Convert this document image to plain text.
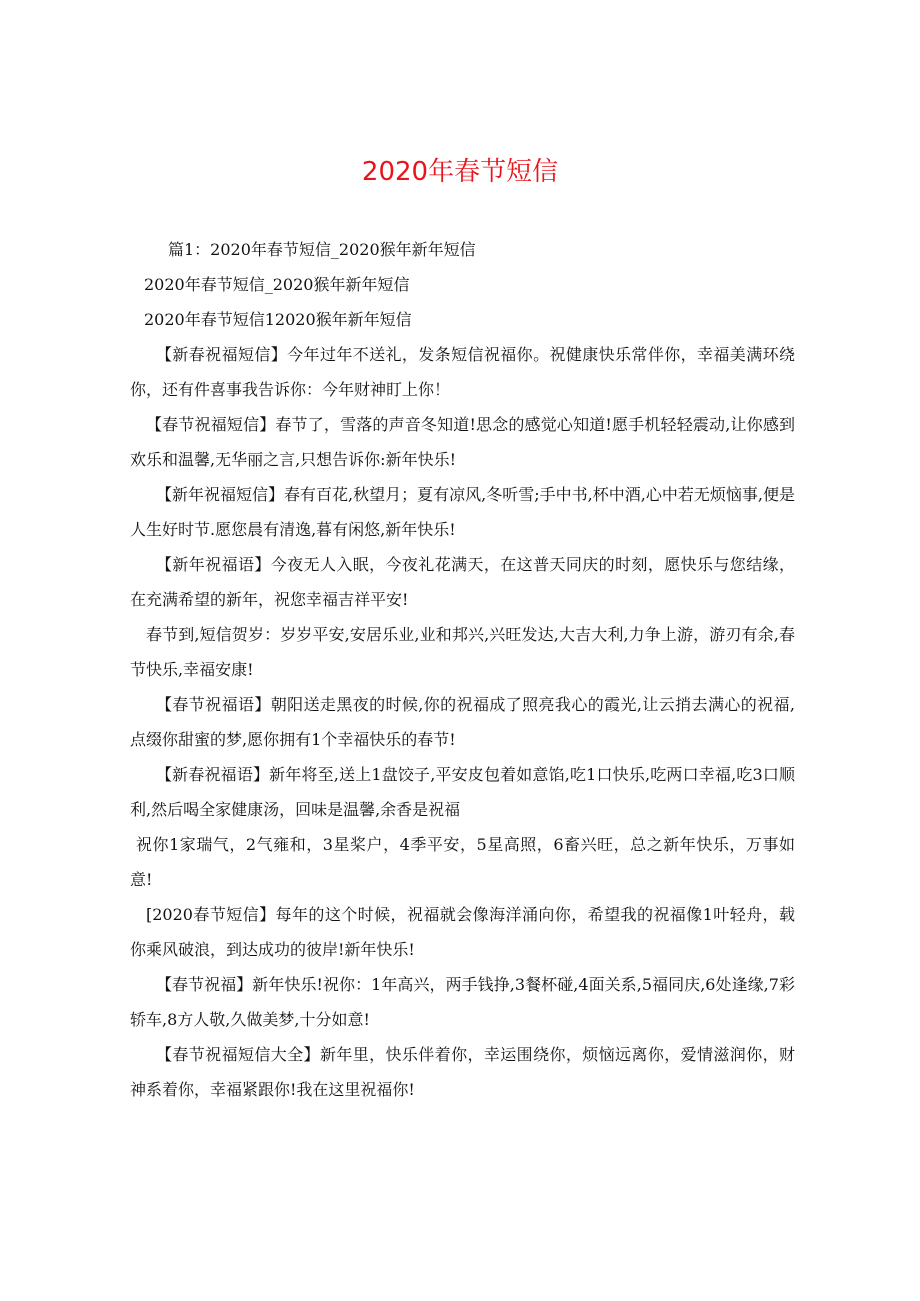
2020年春节短信
篇1：2020年春节短信_2020猴年新年短信
2020年春节短信_2020猴年新年短信
2020年春节短信12020猴年新年短信
【新春祝福短信】今年过年不送礼，发条短信祝福你。祝健康快乐常伴你，幸福美满环绕你，还有件喜事我告诉你：今年财神盯上你！
【春节祝福短信】春节了，雪落的声音冬知道!思念的感觉心知道!愿手机轻轻震动,让你感到欢乐和温馨,无华丽之言,只想告诉你:新年快乐!
【新年祝福短信】春有百花,秋望月；夏有凉风,冬听雪;手中书,杯中酒,心中若无烦恼事,便是人生好时节.愿您晨有清逸,暮有闲悠,新年快乐!
【新年祝福语】今夜无人入眠，今夜礼花满天，在这普天同庆的时刻，愿快乐与您结缘，在充满希望的新年，祝您幸福吉祥平安!
春节到,短信贺岁：岁岁平安,安居乐业,业和邦兴,兴旺发达,大吉大利,力争上游，游刃有余,春节快乐,幸福安康!
【春节祝福语】朝阳送走黑夜的时候,你的祝福成了照亮我心的霞光,让云捎去满心的祝福,点缀你甜蜜的梦,愿你拥有1个幸福快乐的春节!
【新春祝福语】新年将至,送上1盘饺子,平安皮包着如意馅,吃1口快乐,吃两口幸福,吃3口顺利,然后喝全家健康汤，回味是温馨,余香是祝福
祝你1家瑞气，2气雍和，3星桨户，4季平安，5星高照，6畜兴旺，总之新年快乐，万事如意!
[2020春节短信】每年的这个时候，祝福就会像海洋涌向你，希望我的祝福像1叶轻舟，载你乘风破浪，到达成功的彼岸!新年快乐!
【春节祝福】新年快乐!祝你：1年高兴，两手钱挣,3餐杯碰,4面关系,5福同庆,6处逢缘,7彩轿车,8方人敬,久做美梦,十分如意!
【春节祝福短信大全】新年里，快乐伴着你，幸运围绕你，烦恼远离你，爱情滋润你，财神系着你，幸福紧跟你!我在这里祝福你!
